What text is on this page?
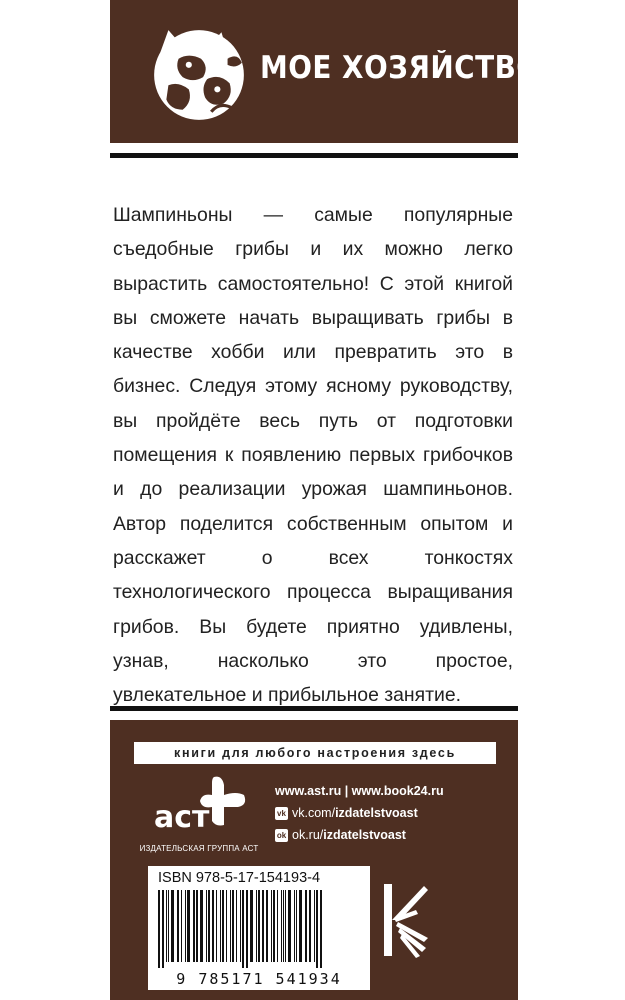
МОЕ ХОЗЯЙСТВО

Шампиньоны — самые популярные съедобные грибы и их можно легко вырастить самостоятельно! С этой книгой вы сможете начать выращивать грибы в качестве хобби или превратить это в бизнес. Следуя этому ясному руководству, вы пройдёте весь путь от подготовки помещения к появлению первых грибочков и до реализации урожая шампиньонов. Автор поделится собственным опытом и расскажет о всех тонкостях технологического процесса выращивания грибов. Вы будете приятно удивлены, узнав, насколько это простое, увлекательное и прибыльное занятие.

книги для любого настроения здесь
аст
ИЗДАТЕЛЬСКАЯ ГРУППА АСТ
www.ast.ru | www.book24.ru
vk vk.com/ izdatelstvoast
ok ok.ru/ izdatelstvoast
ISBN 978-5-17-154193-4
9 785171 541934
